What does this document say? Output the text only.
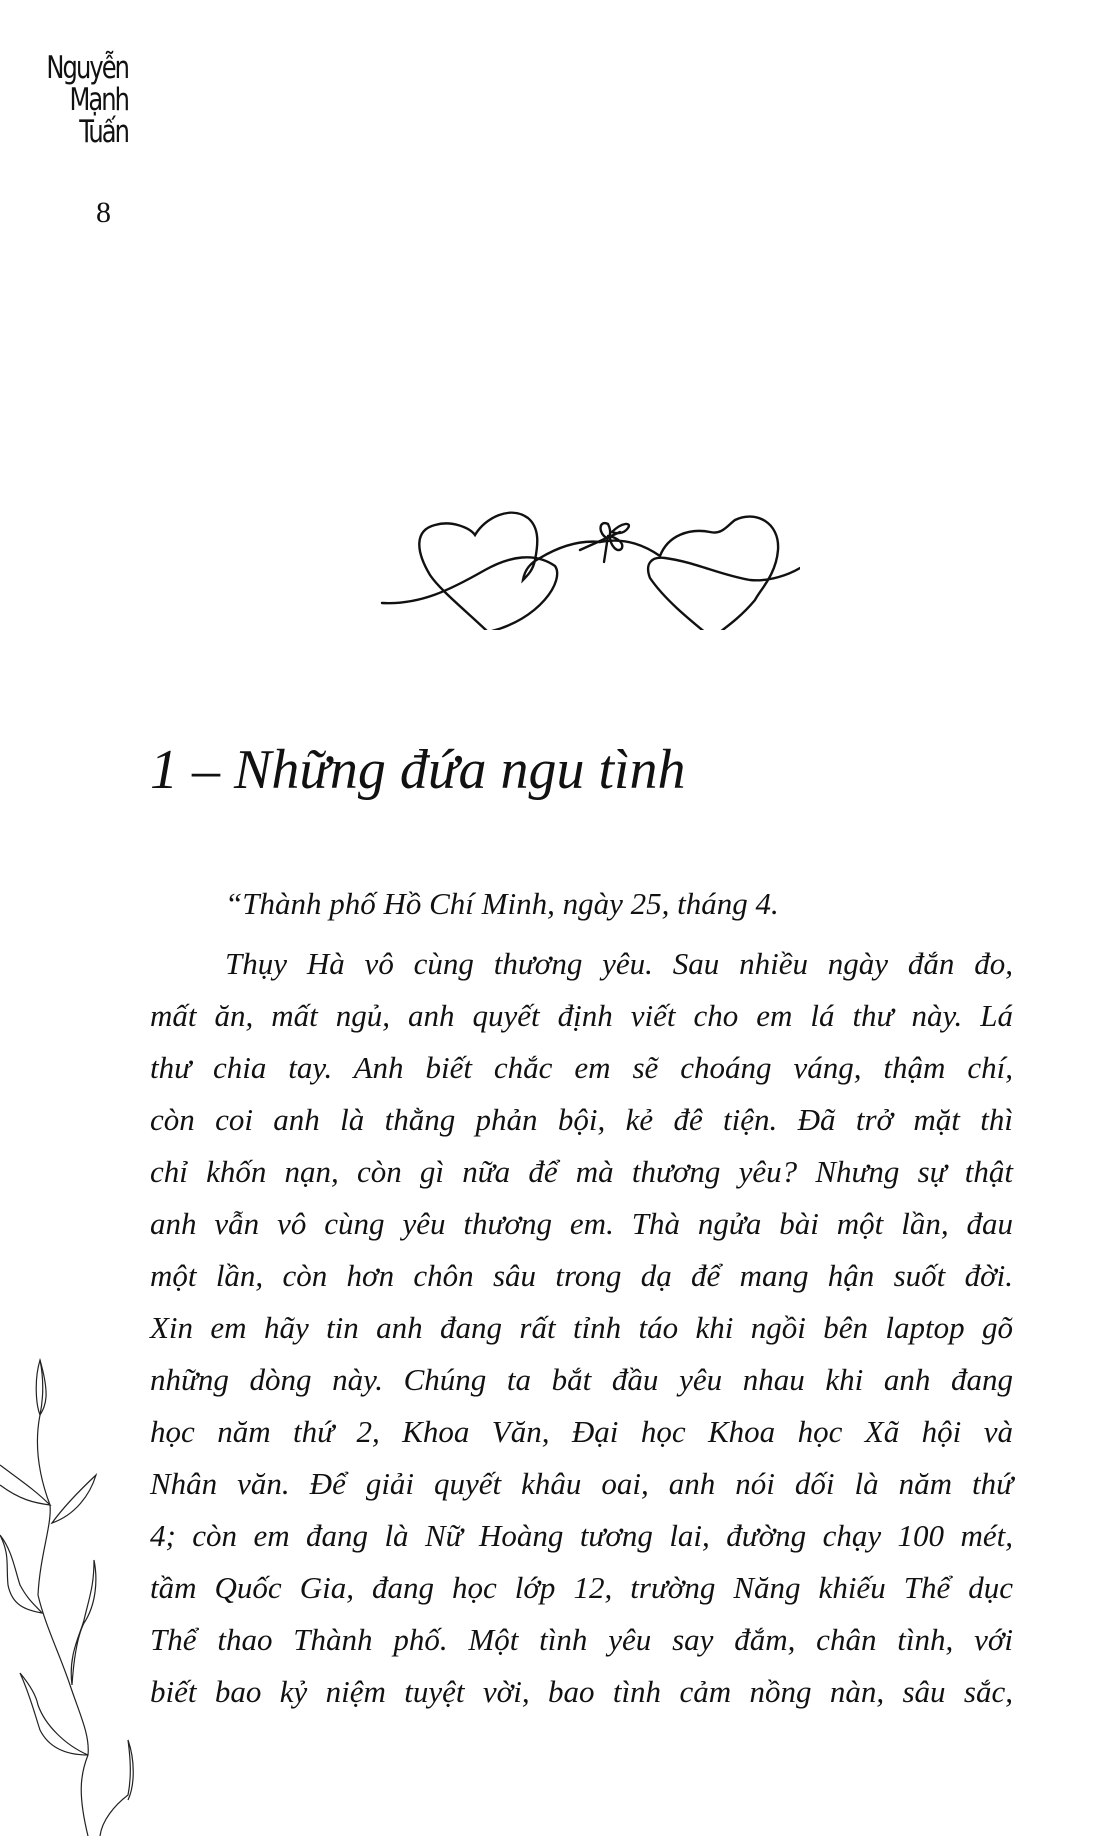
Nguyễn
Mạnh
Tuấn
8
1 – Những đứa ngu tình
“Thành phố Hồ Chí Minh, ngày 25, tháng 4.
Thụy Hà vô cùng thương yêu. Sau nhiều ngày đắn đo,
mất ăn, mất ngủ, anh quyết định viết cho em lá thư này. Lá
thư chia tay. Anh biết chắc em sẽ choáng váng, thậm chí,
còn coi anh là thằng phản bội, kẻ đê tiện. Đã trở mặt thì
chỉ khốn nạn, còn gì nữa để mà thương yêu? Nhưng sự thật
anh vẫn vô cùng yêu thương em. Thà ngửa bài một lần, đau
một lần, còn hơn chôn sâu trong dạ để mang hận suốt đời.
Xin em hãy tin anh đang rất tỉnh táo khi ngồi bên laptop gõ
những dòng này. Chúng ta bắt đầu yêu nhau khi anh đang
học năm thứ 2, Khoa Văn, Đại học Khoa học Xã hội và
Nhân văn. Để giải quyết khâu oai, anh nói dối là năm thứ
4; còn em đang là Nữ Hoàng tương lai, đường chạy 100 mét,
tầm Quốc Gia, đang học lớp 12, trường Năng khiếu Thể dục
Thể thao Thành phố. Một tình yêu say đắm, chân tình, với
biết bao kỷ niệm tuyệt vời, bao tình cảm nồng nàn, sâu sắc,
